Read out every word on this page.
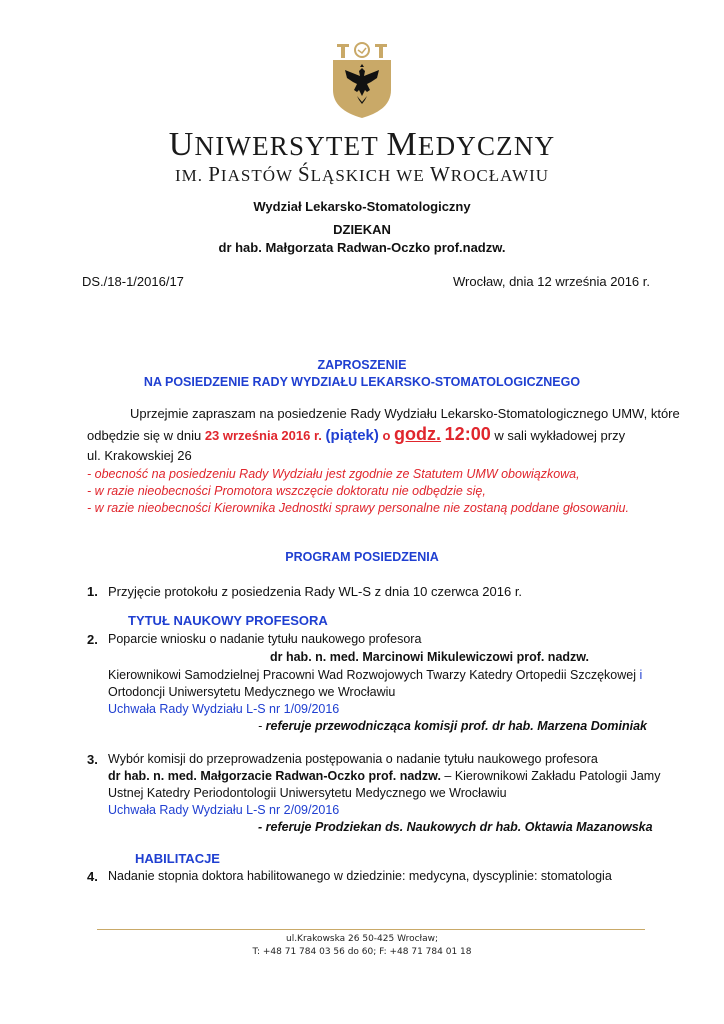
UNIWERSYTET MEDYCZNY
IM. PIASTÓW ŚLĄSKICH WE WROCŁAWIU
Wydział Lekarsko-Stomatologiczny
DZIEKAN
dr hab. Małgorzata Radwan-Oczko prof.nadzw.
DS./18-1/2016/17	Wrocław, dnia 12 września 2016 r.
ZAPROSZENIE
NA POSIEDZENIE RADY WYDZIAŁU LEKARSKO-STOMATOLOGICZNEGO
Uprzejmie zapraszam na posiedzenie Rady Wydziału Lekarsko-Stomatologicznego UMW, które
odbędzie się w dniu 23 września 2016 r. (piątek) o godz. 12:00 w sali wykładowej przy
ul. Krakowskiej 26
- obecność na posiedzeniu Rady Wydziału jest zgodnie ze Statutem UMW obowiązkowa,
- w razie nieobecności Promotora wszczęcie doktoratu nie odbędzie się,
- w razie nieobecności Kierownika Jednostki sprawy personalne nie zostaną poddane głosowaniu.
PROGRAM POSIEDZENIA
1. Przyjęcie protokołu z posiedzenia Rady WL-S z dnia 10 czerwca 2016 r.
TYTUŁ NAUKOWY PROFESORA
2. Poparcie wniosku o nadanie tytułu naukowego profesora
dr hab. n. med. Marcinowi Mikulewiczowi prof. nadzw.
Kierownikowi Samodzielnej Pracowni Wad Rozwojowych Twarzy Katedry Ortopedii Szczękowej i
Ortodoncji Uniwersytetu Medycznego we Wrocławiu
Uchwała Rady Wydziału L-S nr 1/09/2016
- referuje przewodnicząca komisji prof. dr hab. Marzena Dominiak
3. Wybór komisji do przeprowadzenia postępowania o nadanie tytułu naukowego profesora
dr hab. n. med. Małgorzacie Radwan-Oczko prof. nadzw. – Kierownikowi Zakładu Patologii Jamy
Ustnej Katedry Periodontologii Uniwersytetu Medycznego we Wrocławiu
Uchwała Rady Wydziału L-S nr 2/09/2016
- referuje Prodziekan ds. Naukowych dr hab. Oktawia Mazanowska
HABILITACJE
4. Nadanie stopnia doktora habilitowanego w dziedzinie: medycyna, dyscyplinie: stomatologia
ul.Krakowska 26 50-425 Wrocław;
T: +48 71 784 03 56 do 60; F: +48 71 784 01 18
